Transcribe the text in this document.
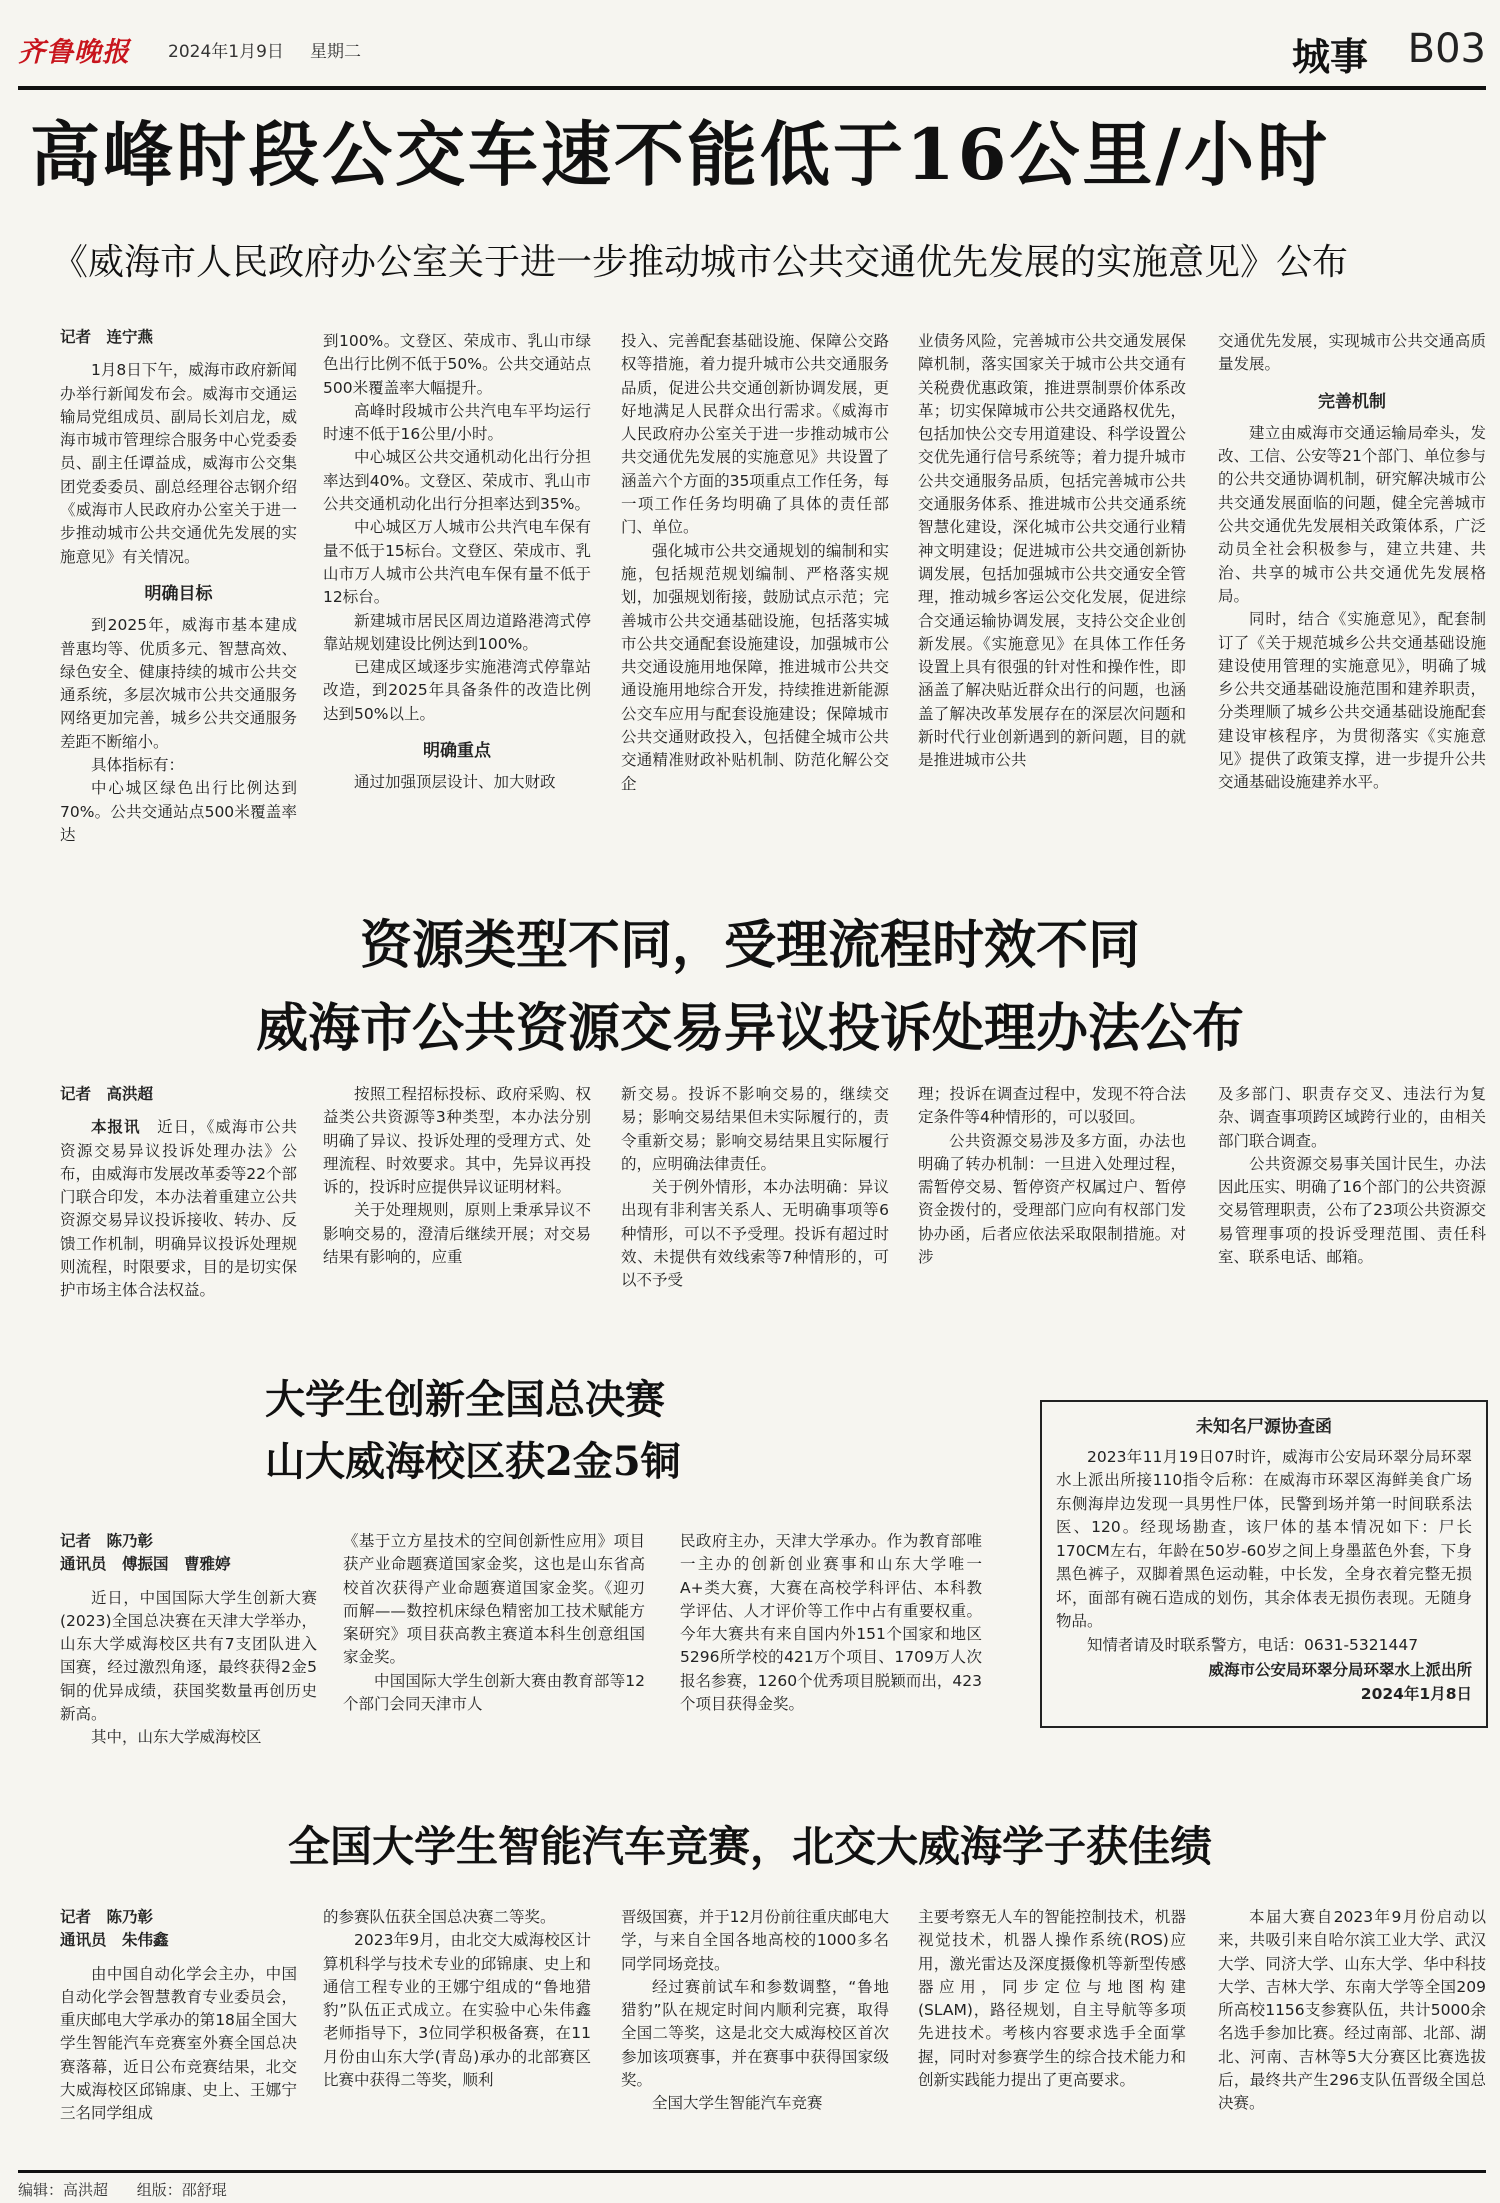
齐鲁晚报 2024年1月9日 星期二	城事 B03
高峰时段公交车速不能低于16公里/小时
《威海市人民政府办公室关于进一步推动城市公共交通优先发展的实施意见》公布

记者　连宁燕

1月8日下午，威海市政府新闻办举行新闻发布会。威海市交通运输局党组成员、副局长刘启龙，威海市城市管理综合服务中心党委委员、副主任谭益成，威海市公交集团党委委员、副总经理谷志钢介绍《威海市人民政府办公室关于进一步推动城市公共交通优先发展的实施意见》有关情况。

明确目标

到2025年，威海市基本建成普惠均等、优质多元、智慧高效、绿色安全、健康持续的城市公共交通系统，多层次城市公共交通服务网络更加完善，城乡公共交通服务差距不断缩小。

具体指标有：

中心城区绿色出行比例达到70%。公共交通站点500米覆盖率达

到100%。文登区、荣成市、乳山市绿色出行比例不低于50%。公共交通站点500米覆盖率大幅提升。

高峰时段城市公共汽电车平均运行时速不低于16公里/小时。

中心城区公共交通机动化出行分担率达到40%。文登区、荣成市、乳山市公共交通机动化出行分担率达到35%。

中心城区万人城市公共汽电车保有量不低于15标台。文登区、荣成市、乳山市万人城市公共汽电车保有量不低于12标台。

新建城市居民区周边道路港湾式停靠站规划建设比例达到100%。

已建成区域逐步实施港湾式停靠站改造，到2025年具备条件的改造比例达到50%以上。

明确重点

通过加强顶层设计、加大财政

投入、完善配套基础设施、保障公交路权等措施，着力提升城市公共交通服务品质，促进公共交通创新协调发展，更好地满足人民群众出行需求。《威海市人民政府办公室关于进一步推动城市公共交通优先发展的实施意见》共设置了涵盖六个方面的35项重点工作任务，每一项工作任务均明确了具体的责任部门、单位。

强化城市公共交通规划的编制和实施，包括规范规划编制、严格落实规划，加强规划衔接，鼓励试点示范；完善城市公共交通基础设施，包括落实城市公共交通配套设施建设，加强城市公共交通设施用地保障，推进城市公共交通设施用地综合开发，持续推进新能源公交车应用与配套设施建设；保障城市公共交通财政投入，包括健全城市公共交通精准财政补贴机制、防范化解公交企

业债务风险，完善城市公共交通发展保障机制，落实国家关于城市公共交通有关税费优惠政策，推进票制票价体系改革；切实保障城市公共交通路权优先，包括加快公交专用道建设、科学设置公交优先通行信号系统等；着力提升城市公共交通服务品质，包括完善城市公共交通服务体系、推进城市公共交通系统智慧化建设，深化城市公共交通行业精神文明建设；促进城市公共交通创新协调发展，包括加强城市公共交通安全管理，推动城乡客运公交化发展，促进综合交通运输协调发展，支持公交企业创新发展。《实施意见》在具体工作任务设置上具有很强的针对性和操作性，即涵盖了解决贴近群众出行的问题，也涵盖了解决改革发展存在的深层次问题和新时代行业创新遇到的新问题，目的就是推进城市公共

交通优先发展，实现城市公共交通高质量发展。

完善机制

建立由威海市交通运输局牵头，发改、工信、公安等21个部门、单位参与的公共交通协调机制，研究解决城市公共交通发展面临的问题，健全完善城市公共交通优先发展相关政策体系，广泛动员全社会积极参与，建立共建、共治、共享的城市公共交通优先发展格局。

同时，结合《实施意见》，配套制订了《关于规范城乡公共交通基础设施建设使用管理的实施意见》，明确了城乡公共交通基础设施范围和建养职责，分类理顺了城乡公共交通基础设施配套建设审核程序，为贯彻落实《实施意见》提供了政策支撑，进一步提升公共交通基础设施建养水平。

资源类型不同，受理流程时效不同
威海市公共资源交易异议投诉处理办法公布

记者　高洪超

本报讯　 近日，《威海市公共资源交易异议投诉处理办法》公布，由威海市发展改革委等22个部门联合印发，本办法着重建立公共资源交易异议投诉接收、转办、反馈工作机制，明确异议投诉处理规则流程，时限要求，目的是切实保护市场主体合法权益。

按照工程招标投标、政府采购、权益类公共资源等3种类型，本办法分别明确了异议、投诉处理的受理方式、处理流程、时效要求。其中，先异议再投诉的，投诉时应提供异议证明材料。

关于处理规则，原则上秉承异议不影响交易的，澄清后继续开展；对交易结果有影响的，应重

新交易。投诉不影响交易的，继续交易；影响交易结果但未实际履行的，责令重新交易；影响交易结果且实际履行的，应明确法律责任。

关于例外情形，本办法明确：异议出现有非利害关系人、无明确事项等6种情形，可以不予受理。投诉有超过时效、未提供有效线索等7种情形的，可以不予受

理；投诉在调查过程中，发现不符合法定条件等4种情形的，可以驳回。

公共资源交易涉及多方面，办法也明确了转办机制：一旦进入处理过程，需暂停交易、暂停资产权属过户、暂停资金拨付的，受理部门应向有权部门发协办函，后者应依法采取限制措施。对涉

及多部门、职责存交叉、违法行为复杂、调查事项跨区域跨行业的，由相关部门联合调查。

公共资源交易事关国计民生，办法因此压实、明确了16个部门的公共资源交易管理职责，公布了23项公共资源交易管理事项的投诉受理范围、责任科室、联系电话、邮箱。

大学生创新全国总决赛
山大威海校区获2金5铜

记者　陈乃彰

通讯员　傅振国　曹雅婷

近日，中国国际大学生创新大赛(2023)全国总决赛在天津大学举办，山东大学威海校区共有7支团队进入国赛，经过激烈角逐，最终获得2金5铜的优异成绩，获国奖数量再创历史新高。

其中，山东大学威海校区

《基于立方星技术的空间创新性应用》项目获产业命题赛道国家金奖，这也是山东省高校首次获得产业命题赛道国家金奖。《迎刃而解——数控机床绿色精密加工技术赋能方案研究》项目获高教主赛道本科生创意组国家金奖。

中国国际大学生创新大赛由教育部等12个部门会同天津市人

民政府主办，天津大学承办。作为教育部唯一主办的创新创业赛事和山东大学唯一A+类大赛，大赛在高校学科评估、本科教学评估、人才评价等工作中占有重要权重。今年大赛共有来自国内外151个国家和地区5296所学校的421万个项目、1709万人次报名参赛，1260个优秀项目脱颖而出，423个项目获得金奖。

未知名尸源协查函

2023年11月19日07时许，威海市公安局环翠分局环翠水上派出所接110指令后称：在威海市环翠区海鲜美食广场东侧海岸边发现一具男性尸体，民警到场并第一时间联系法医、120。经现场勘查，该尸体的基本情况如下：尸长170CM左右，年龄在50岁-60岁之间上身墨蓝色外套，下身黑色裤子，双脚着黑色运动鞋，中长发，全身衣着完整无损坏，面部有碗石造成的划伤，其余体表无损伤表现。无随身物品。

知情者请及时联系警方，电话：0631-5321447

威海市公安局环翠分局环翠水上派出所
2024年1月8日
全国大学生智能汽车竞赛，北交大威海学子获佳绩

记者　陈乃彰

通讯员　朱伟鑫

由中国自动化学会主办，中国自动化学会智慧教育专业委员会，重庆邮电大学承办的第18届全国大学生智能汽车竞赛室外赛全国总决赛落幕，近日公布竞赛结果，北交大威海校区邱锦康、史上、王娜宁三名同学组成

的参赛队伍获全国总决赛二等奖。

2023年9月，由北交大威海校区计算机科学与技术专业的邱锦康、史上和通信工程专业的王娜宁组成的“鲁地猎豹”队伍正式成立。在实验中心朱伟鑫老师指导下，3位同学积极备赛，在11月份由山东大学(青岛)承办的北部赛区比赛中获得二等奖，顺利

晋级国赛，并于12月份前往重庆邮电大学，与来自全国各地高校的1000多名同学同场竞技。

经过赛前试车和参数调整，“鲁地猎豹”队在规定时间内顺利完赛，取得全国二等奖，这是北交大威海校区首次参加该项赛事，并在赛事中获得国家级奖。

全国大学生智能汽车竞赛

主要考察无人车的智能控制技术，机器视觉技术，机器人操作系统(ROS)应用，激光雷达及深度摄像机等新型传感器应用，同步定位与地图构建(SLAM)，路径规划，自主导航等多项先进技术。考核内容要求选手全面掌握，同时对参赛学生的综合技术能力和创新实践能力提出了更高要求。

本届大赛自2023年9月份启动以来，共吸引来自哈尔滨工业大学、武汉大学、同济大学、山东大学、华中科技大学、吉林大学、东南大学等全国209所高校1156支参赛队伍，共计5000余名选手参加比赛。经过南部、北部、湖北、河南、吉林等5大分赛区比赛选拔后，最终共产生296支队伍晋级全国总决赛。

编辑：高洪超 组版：邵舒琨
